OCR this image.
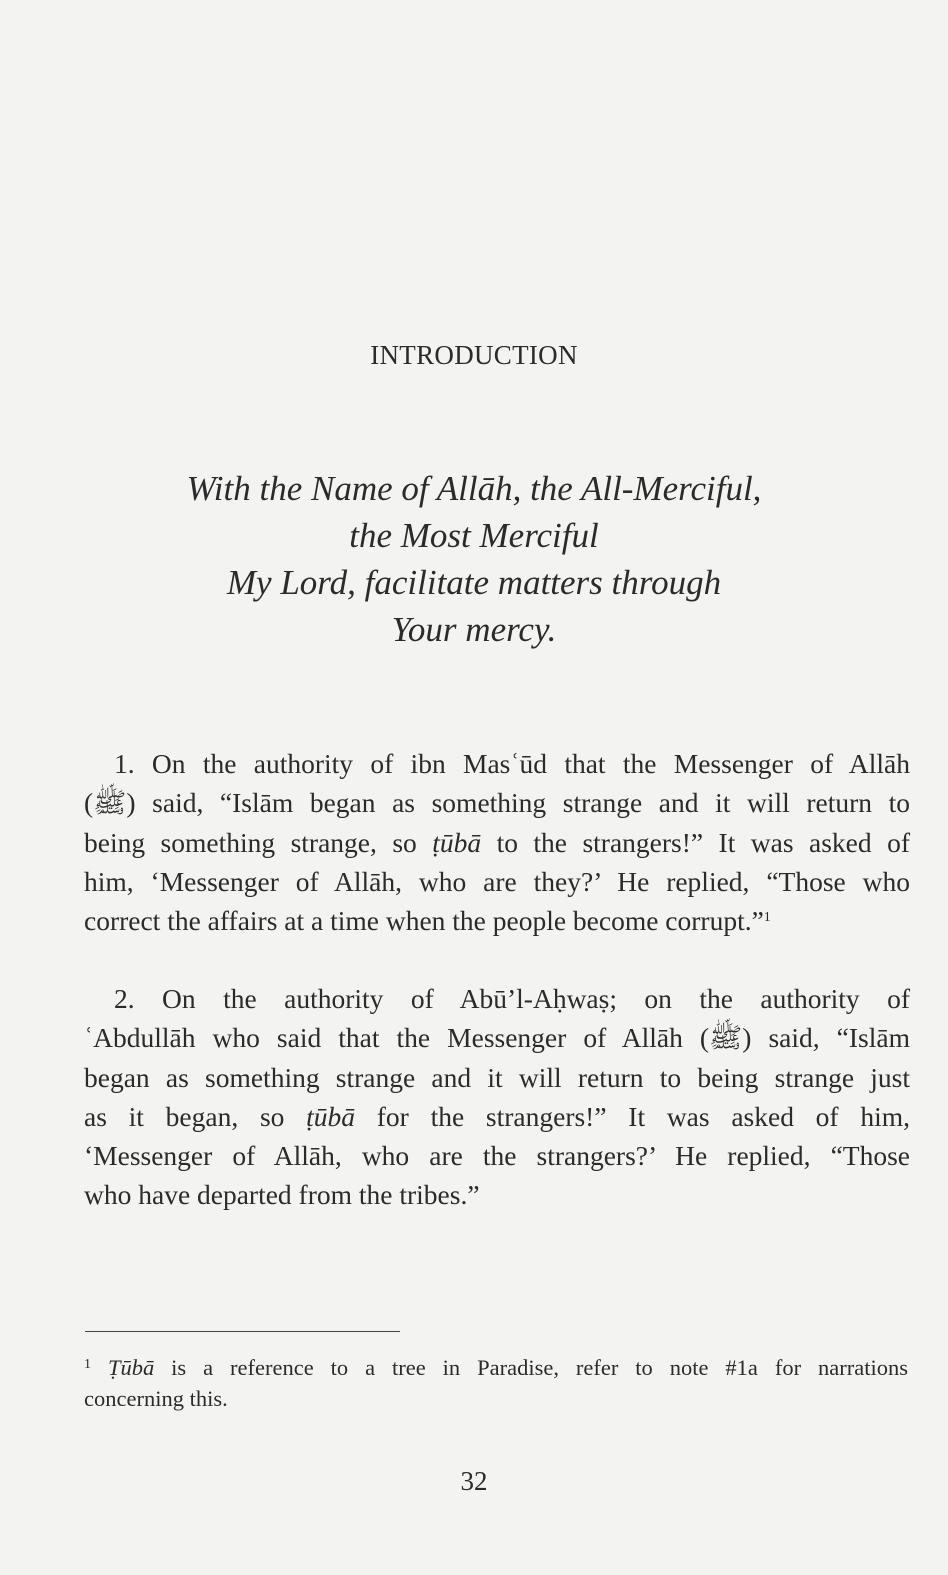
INTRODUCTION
With the Name of Allāh, the All-Merciful,
the Most Merciful
My Lord, facilitate matters through
Your mercy.
1. On the authority of ibn Masʿūd that the Messenger of Allāh
(ﷺ) said, “Islām began as something strange and it will return to
being something strange, so ṭūbā to the strangers!” It was asked of
him, ‘Messenger of Allāh, who are they?’ He replied, “Those who
correct the affairs at a time when the people become corrupt.”$^1$
2. On the authority of Abū’l-Aḥwaṣ; on the authority of
ʿAbdullāh who said that the Messenger of Allāh (ﷺ) said, “Islām
began as something strange and it will return to being strange just
as it began, so ṭūbā for the strangers!” It was asked of him,
‘Messenger of Allāh, who are the strangers?’ He replied, “Those
who have departed from the tribes.”
$^1$ Ṭūbā is a reference to a tree in Paradise, refer to note #1a for narrations
concerning this.
32
